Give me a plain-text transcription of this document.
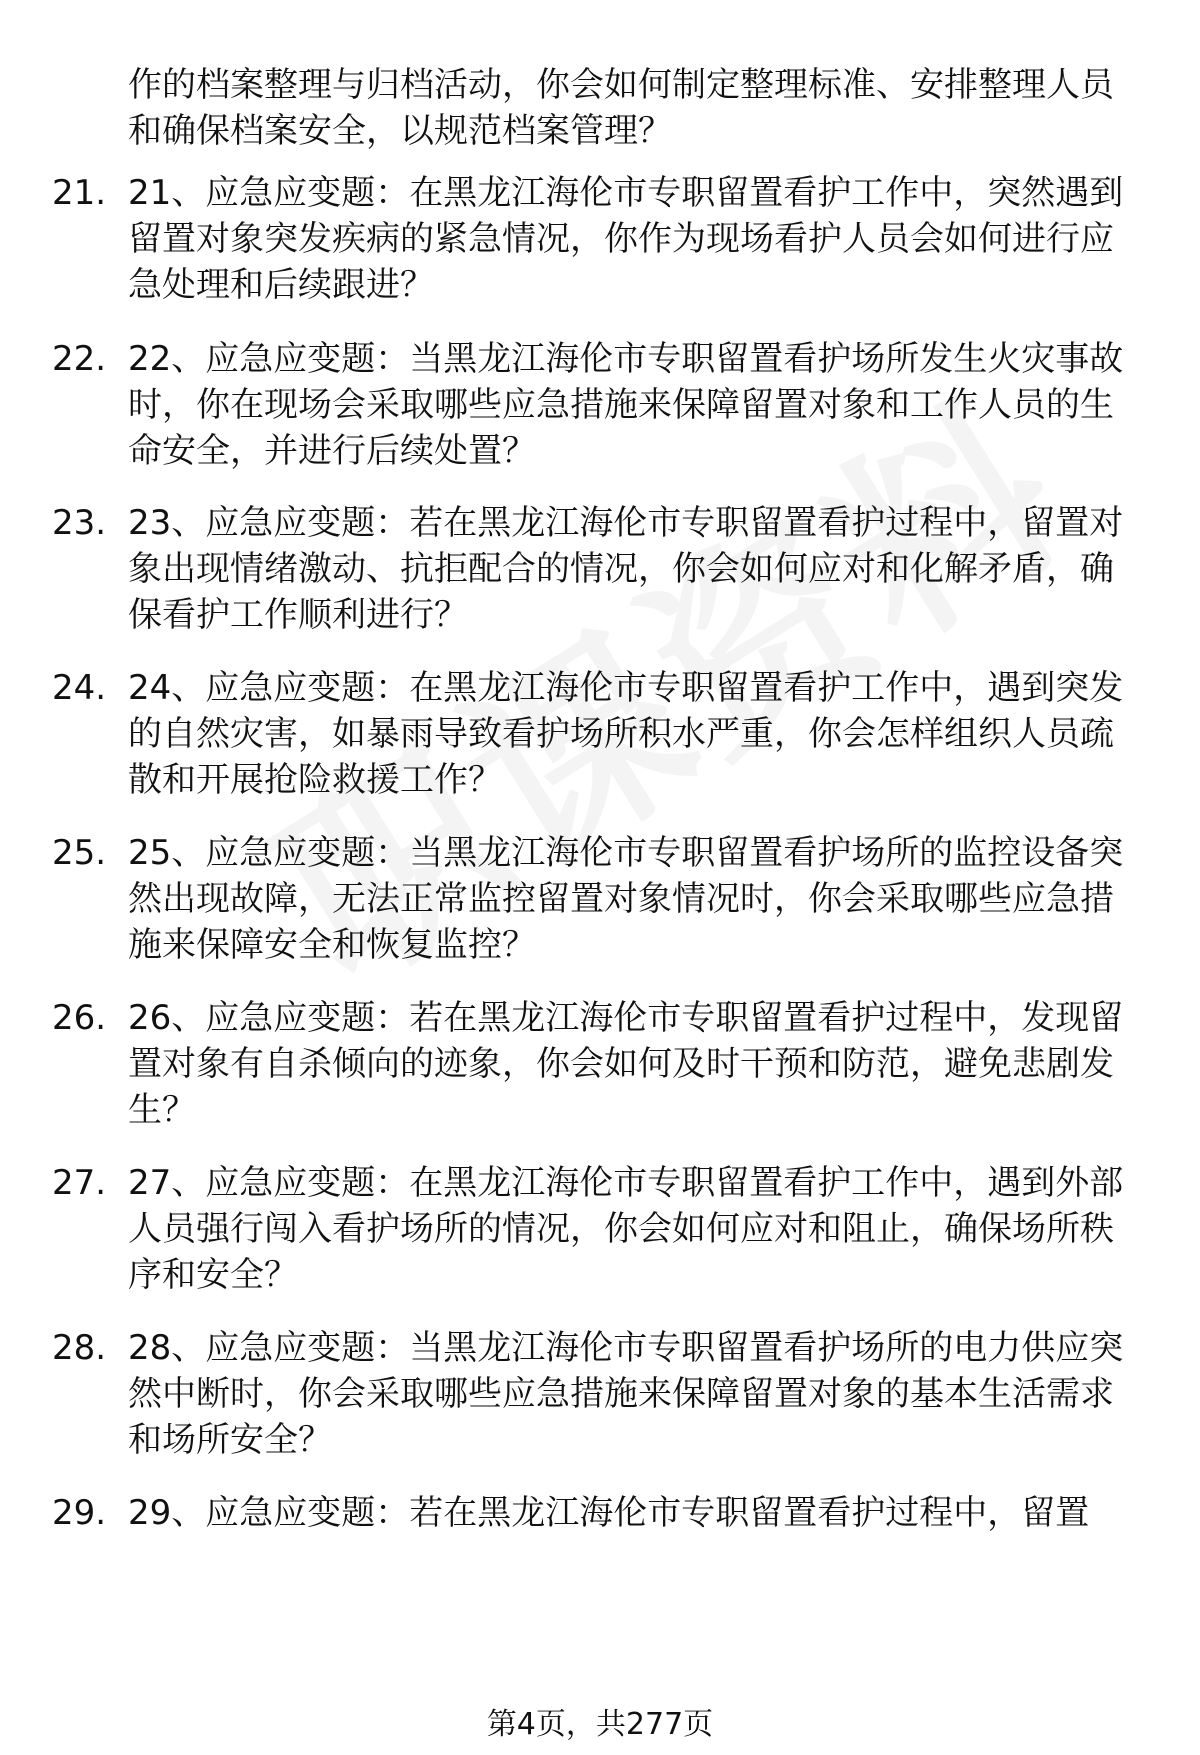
作的档案整理与归档活动，你会如何制定整理标准、安排整理人员和确保档案安全，以规范档案管理？
21. 21、应急应变题：在黑龙江海伦市专职留置看护工作中，突然遇到留置对象突发疾病的紧急情况，你作为现场看护人员会如何进行应急处理和后续跟进？
22. 22、应急应变题：当黑龙江海伦市专职留置看护场所发生火灾事故时，你在现场会采取哪些应急措施来保障留置对象和工作人员的生命安全，并进行后续处置？
23. 23、应急应变题：若在黑龙江海伦市专职留置看护过程中，留置对象出现情绪激动、抗拒配合的情况，你会如何应对和化解矛盾，确保看护工作顺利进行？
24. 24、应急应变题：在黑龙江海伦市专职留置看护工作中，遇到突发的自然灾害，如暴雨导致看护场所积水严重，你会怎样组织人员疏散和开展抢险救援工作？
25. 25、应急应变题：当黑龙江海伦市专职留置看护场所的监控设备突然出现故障，无法正常监控留置对象情况时，你会采取哪些应急措施来保障安全和恢复监控？
26. 26、应急应变题：若在黑龙江海伦市专职留置看护过程中，发现留置对象有自杀倾向的迹象，你会如何及时干预和防范，避免悲剧发生？
27. 27、应急应变题：在黑龙江海伦市专职留置看护工作中，遇到外部人员强行闯入看护场所的情况，你会如何应对和阻止，确保场所秩序和安全？
28. 28、应急应变题：当黑龙江海伦市专职留置看护场所的电力供应突然中断时，你会采取哪些应急措施来保障留置对象的基本生活需求和场所安全？
29. 29、应急应变题：若在黑龙江海伦市专职留置看护过程中，留置
第4页，共277页
